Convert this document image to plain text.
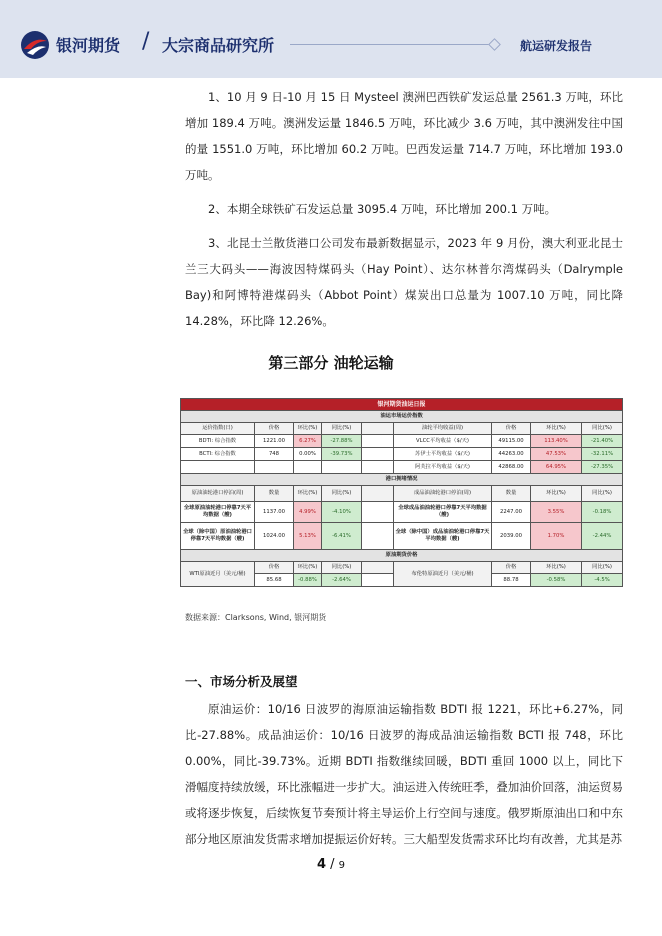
银河期货 / 大宗商品研究所	航运研发报告

1、10 月 9 日-10 月 15 日 Mysteel 澳洲巴西铁矿发运总量 2561.3 万吨，环比增加 189.4 万吨。澳洲发运量 1846.5 万吨，环比减少 3.6 万吨，其中澳洲发往中国的量 1551.0 万吨，环比增加 60.2 万吨。巴西发运量 714.7 万吨，环比增加 193.0 万吨。

2、本期全球铁矿石发运总量 3095.4 万吨，环比增加 200.1 万吨。

3、北昆士兰散货港口公司发布最新数据显示，2023 年 9 月份，澳大利亚北昆士兰三大码头——海波因特煤码头（Hay Point）、达尔林普尔湾煤码头（Dalrymple Bay)和阿博特港煤码头（Abbot Point）煤炭出口总量为 1007.10 万吨，同比降 14.28%，环比降 12.26%。

第三部分 油轮运输
银河期货油运日报								
油运市场运价指数								
运价指数(日)	价格	环比(%)	同比(%)		油轮平均收益(周)	价格	环比(%)	同比(%)
BDTI: 综合指数	1221.00	6.27%	-27.88%		VLCC平均收益（$/天)	49115.00	113.40%	-21.40%
BCTI: 综合指数	748	0.00%	-39.73%		苏伊士平均收益（$/天)	44263.00	47.53%	-32.11%
					阿芙拉平均收益（$/天)	42868.00	64.95%	-27.35%
港口拥堵情况								
原油油轮港口停泊(周)	数量	环比(%)	同比(%)		成品油油轮港口停泊(周)	数量	环比(%)	同比(%)
全球原油油轮港口停靠7天平均数据（艘)	1137.00	4.99%	-4.10%		全球成品油油轮港口停靠7天平均数据（艘)	2247.00	3.55%	-0.18%
全球（除中国）原油油轮港口停靠7天平均数据（艘)	1024.00	5.13%	-6.41%		全球（除中国）成品油油轮港口停靠7天平均数据（艘)	2039.00	1.70%	-2.44%
原油期货价格								
WTI原油近月（美元/桶)	价格	环比(%)	同比(%)		布伦特原油近月（美元/桶)	价格	环比(%)	同比(%)
	85.68	-0.88%	-2.64%			88.78	-0.58%	-4.5%
数据来源：Clarksons, Wind, 银河期货
一、市场分析及展望

原油运价：10/16 日波罗的海原油运输指数 BDTI 报 1221，环比+6.27%，同比-27.88%。成品油运价：10/16 日波罗的海成品油运输指数 BCTI 报 748，环比 0.00%，同比-39.73%。近期 BDTI 指数继续回暖，BDTI 重回 1000 以上，同比下滑幅度持续放缓，环比涨幅进一步扩大。油运进入传统旺季，叠加油价回落，油运贸易或将逐步恢复，后续恢复节奏预计将主导运价上行空间与速度。俄罗斯原油出口和中东部分地区原油发货需求增加提振运价好转。三大船型发货需求环比均有改善，尤其是苏

4 / 9
